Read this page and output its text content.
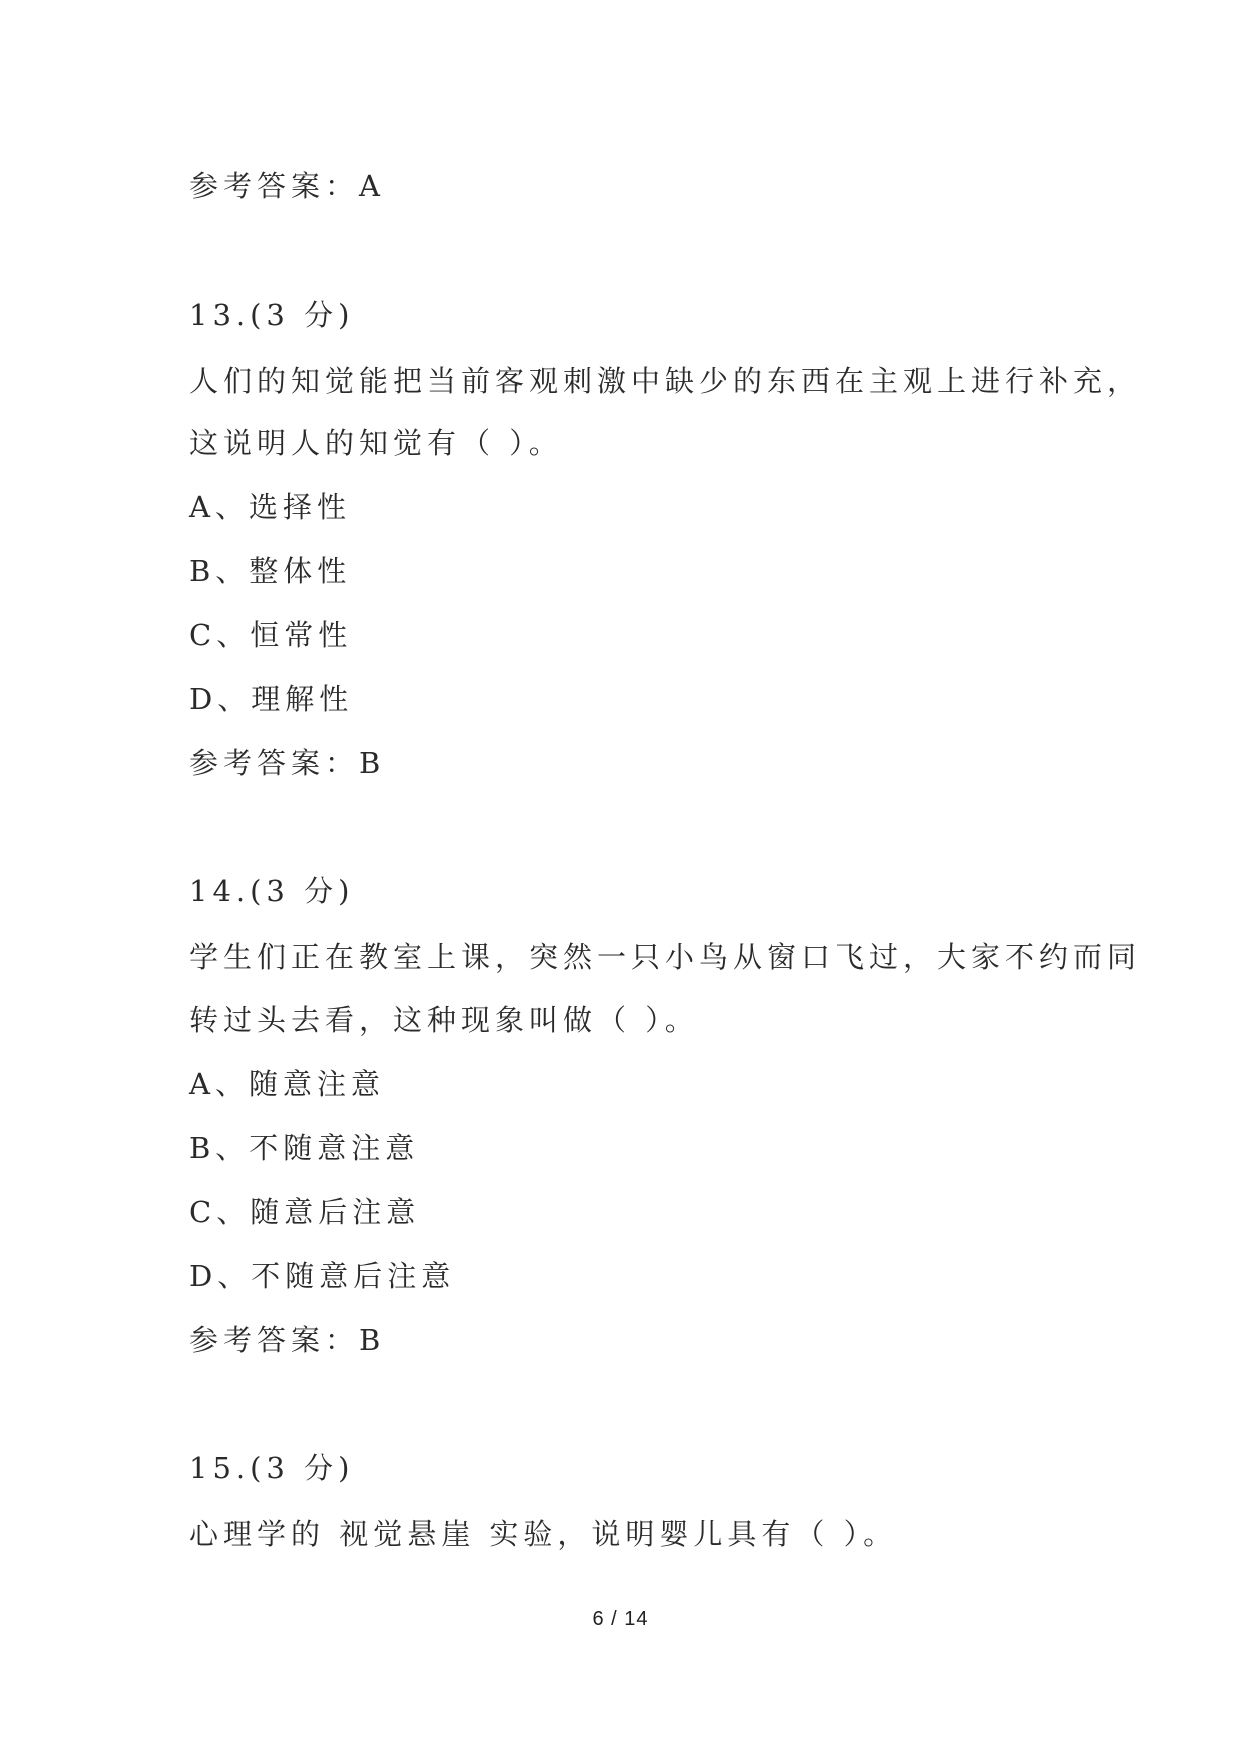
参考答案：A
13.(3 分)
人们的知觉能把当前客观刺激中缺少的东西在主观上进行补充，
这说明人的知觉有（ ）。
A、选择性
B、整体性
C、恒常性
D、理解性
参考答案：B
14.(3 分)
学生们正在教室上课，突然一只小鸟从窗口飞过，大家不约而同
转过头去看，这种现象叫做（ ）。
A、随意注意
B、不随意注意
C、随意后注意
D、不随意后注意
参考答案：B
15.(3 分)
心理学的 视觉悬崖 实验，说明婴儿具有（ ）。
6 / 14
